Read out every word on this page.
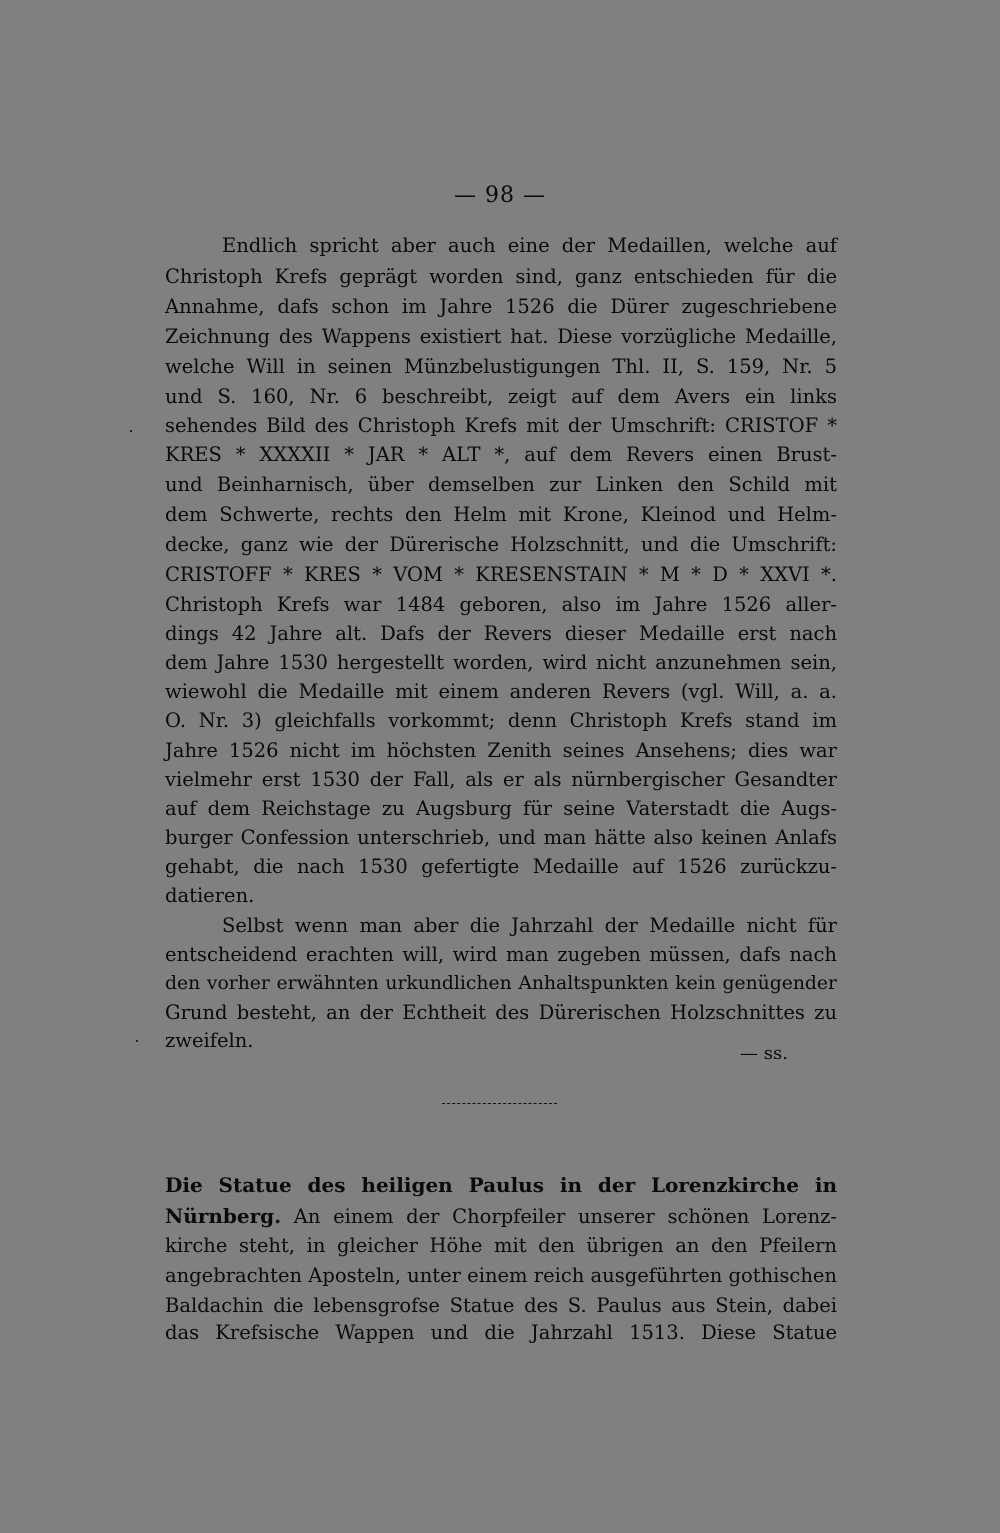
— 98 —
Endlich spricht aber auch eine der Medaillen, welche auf
Christoph Krefs geprägt worden sind, ganz entschieden für die
Annahme, dafs schon im Jahre 1526 die Dürer zugeschriebene
Zeichnung des Wappens existiert hat. Diese vorzügliche Medaille,
welche Will in seinen Münzbelustigungen Thl. II, S. 159, Nr. 5
und S. 160, Nr. 6 beschreibt, zeigt auf dem Avers ein links
sehendes Bild des Christoph Krefs mit der Umschrift: CRISTOF *
KRES * XXXXII * JAR * ALT *, auf dem Revers einen Brust-
und Beinharnisch, über demselben zur Linken den Schild mit
dem Schwerte, rechts den Helm mit Krone, Kleinod und Helm-
decke, ganz wie der Dürerische Holzschnitt, und die Umschrift:
CRISTOFF * KRES * VOM * KRESENSTAIN * M * D * XXVI *.
Christoph Krefs war 1484 geboren, also im Jahre 1526 aller-
dings 42 Jahre alt. Dafs der Revers dieser Medaille erst nach
dem Jahre 1530 hergestellt worden, wird nicht anzunehmen sein,
wiewohl die Medaille mit einem anderen Revers (vgl. Will, a. a.
O. Nr. 3) gleichfalls vorkommt; denn Christoph Krefs stand im
Jahre 1526 nicht im höchsten Zenith seines Ansehens; dies war
vielmehr erst 1530 der Fall, als er als nürnbergischer Gesandter
auf dem Reichstage zu Augsburg für seine Vaterstadt die Augs-
burger Confession unterschrieb, und man hätte also keinen Anlafs
gehabt, die nach 1530 gefertigte Medaille auf 1526 zurückzu-
datieren.
Selbst wenn man aber die Jahrzahl der Medaille nicht für
entscheidend erachten will, wird man zugeben müssen, dafs nach
den vorher erwähnten urkundlichen Anhaltspunkten kein genügender
Grund besteht, an der Echtheit des Dürerischen Holzschnittes zu
zweifeln.
— ss.
Die Statue des heiligen Paulus in der Lorenzkirche in
Nürnberg. An einem der Chorpfeiler unserer schönen Lorenz-
kirche steht, in gleicher Höhe mit den übrigen an den Pfeilern
angebrachten Aposteln, unter einem reich ausgeführten gothischen
Baldachin die lebensgrofse Statue des S. Paulus aus Stein, dabei
das Krefsische Wappen und die Jahrzahl 1513. Diese Statue
